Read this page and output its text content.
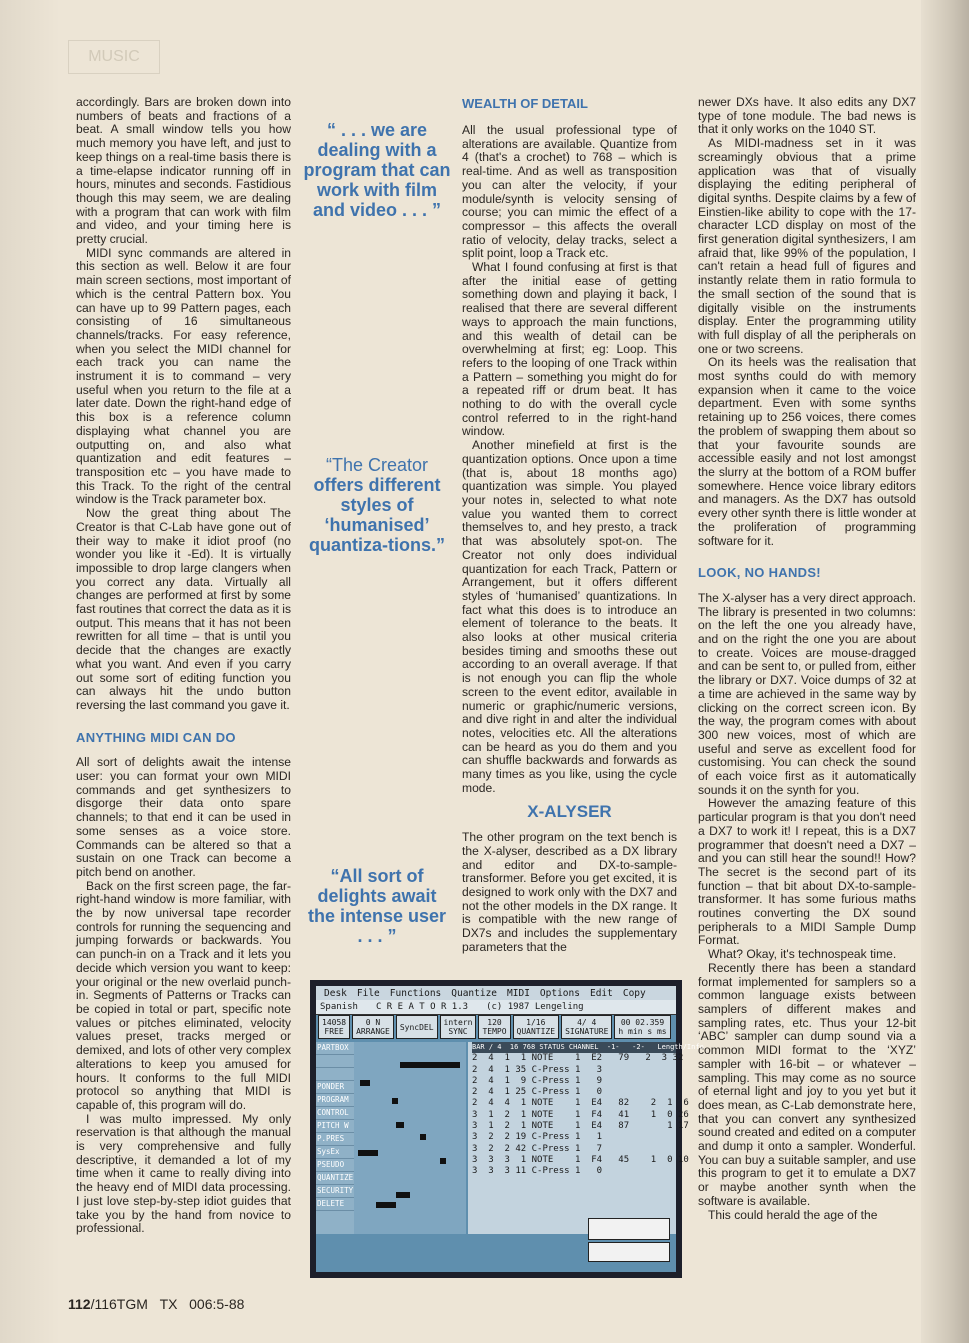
MUSIC

accordingly. Bars are broken down into numbers of beats and fractions of a beat. A small window tells you how much memory you have left, and just to keep things on a real-time basis there is a time-elapse indicator running off in hours, minutes and seconds. Fastidious though this may seem, we are dealing with a program that can work with film and video, and your timing here is pretty crucial.

MIDI sync commands are altered in this section as well. Below it are four main screen sections, most important of which is the central Pattern box. You can have up to 99 Pattern pages, each consisting of 16 simultaneous channels/tracks. For easy reference, when you select the MIDI channel for each track you can name the instrument it is to command – very useful when you return to the file at a later date. Down the right-hand edge of this box is a reference column displaying what channel you are outputting on, and also what quantization and edit features – transposition etc – you have made to this Track. To the right of the central window is the Track parameter box.

Now the great thing about The Creator is that C-Lab have gone out of their way to make it idiot proof (no wonder you like it -Ed). It is virtually impossible to drop large clangers when you correct any data. Virtually all changes are performed at first by some fast routines that correct the data as it is output. This means that it has not been rewritten for all time – that is until you decide that the changes are exactly what you want. And even if you carry out some sort of editing function you can always hit the undo button reversing the last command you gave it.

ANYTHING MIDI CAN DO

All sort of delights await the intense user: you can format your own MIDI commands and get synthesizers to disgorge their data onto spare channels; to that end it can be used in some senses as a voice store. Commands can be altered so that a sustain on one Track can become a pitch bend on another.

Back on the first screen page, the far-right-hand window is more familiar, with the by now universal tape recorder controls for running the sequencing and jumping forwards or backwards. You can punch-in on a Track and it lets you decide which version you want to keep: your original or the new overlaid punch-in. Segments of Patterns or Tracks can be copied in total or part, specific note values or pitches eliminated, velocity values preset, tracks merged or demixed, and lots of other very complex alterations to keep you amused for hours. It conforms to the full MIDI protocol so anything that MIDI is capable of, this program will do.

I was multo impressed. My only reservation is that although the manual is very comprehensive and fully descriptive, it demanded a lot of my time when it came to really diving into the heavy end of MIDI data processing. I just love step-by-step idiot guides that take you by the hand from novice to professional.

“ . . . we are dealing with a program that can work with film and video . . . ”
“The Creator offers different styles of ‘humanised’ quantiza-tions.”
“All sort of delights await the intense user . . . ”
WEALTH OF DETAIL

All the usual professional type of alterations are available. Quantize from 4 (that's a crochet) to 768 – which is real-time. And as well as transposition you can alter the velocity, if your module/synth is velocity sensing of course; you can mimic the effect of a compressor – this affects the overall ratio of velocity, delay tracks, select a split point, loop a Track etc.

What I found confusing at first is that after the initial ease of getting something down and playing it back, I realised that there are several different ways to approach the main functions, and this wealth of detail can be overwhelming at first; eg: Loop. This refers to the looping of one Track within a Pattern – something you might do for a repeated riff or drum beat. It has nothing to do with the overall cycle control referred to in the right-hand window.

Another minefield at first is the quantization options. Once upon a time (that is, about 18 months ago) quantization was simple. You played your notes in, selected to what note value you wanted them to correct themselves to, and hey presto, a track that was absolutely spot-on. The Creator not only does individual quantization for each Track, Pattern or Arrangement, but it offers different styles of ‘humanised’ quantizations. In fact what this does is to introduce an element of tolerance to the beats. It also looks at other musical criteria besides timing and smooths these out according to an overall average. If that is not enough you can flip the whole screen to the event editor, available in numeric or graphic/numeric versions, and dive right in and alter the individual notes, velocities etc. All the alterations can be heard as you do them and you can shuffle backwards and forwards as many times as you like, using the cycle mode.

X-ALYSER

The other program on the text bench is the X-alyser, described as a DX library and editor and DX-to-sample-transformer. Before you get excited, it is designed to work only with the DX7 and not the other models in the DX range. It is compatible with the new range of DX7s and includes the supplementary parameters that the

newer DXs have. It also edits any DX7 type of tone module. The bad news is that it only works on the 1040 ST.

As MIDI-madness set in it was screamingly obvious that a prime application was that of visually displaying the editing peripheral of digital synths. Despite claims by a few of Einstien-like ability to cope with the 17-character LCD display on most of the first generation digital synthesizers, I am afraid that, like 99% of the population, I can't retain a head full of figures and instantly relate them in ratio formula to the small section of the sound that is digitally visible on the instruments display. Enter the programming utility with full display of all the peripherals on one or two screens.

On its heels was the realisation that most synths could do with memory expansion when it came to the voice department. Even with some synths retaining up to 256 voices, there comes the problem of swapping them about so that your favourite sounds are accessible easily and not lost amongst the slurry at the bottom of a ROM buffer somewhere. Hence voice library editors and managers. As the DX7 has outsold every other synth there is little wonder at the proliferation of programming software for it.

LOOK, NO HANDS!

The X-alyser has a very direct approach. The library is presented in two columns: on the left the one you already have, and on the right the one you are about to create. Voices are mouse-dragged and can be sent to, or pulled from, either the library or DX7. Voice dumps of 32 at a time are achieved in the same way by clicking on the correct screen icon. By the way, the program comes with about 300 new voices, most of which are useful and serve as excellent food for customising. You can check the sound of each voice first as it automatically sounds it on the synth for you.

However the amazing feature of this particular program is that you don't need a DX7 to work it! I repeat, this is a DX7 programmer that doesn't need a DX7 – and you can still hear the sound!! How? The secret is the second part of its function – that bit about DX-to-sample-transformer. It has some furious maths routines converting the DX sound peripherals to a MIDI Sample Dump Format.

What? Okay, it's technospeak time.

Recently there has been a standard format implemented for samplers so a common language exists between samplers of different makes and sampling rates, etc. Thus your 12-bit ‘ABC’ sampler can dump sound via a common MIDI format to the ‘XYZ’ sampler with 16-bit – or whatever – sampling. This may come as no source of eternal light and joy to you yet but it does mean, as C-Lab demonstrate here, that you can convert any synthesized sound created and edited on a computer and dump it onto a sampler. Wonderful. You can buy a suitable sampler, and use this program to get it to emulate a DX7 or maybe another synth when the software is available.

This could herald the age of the

Desk File Functions Quantize MIDI Options Edit Copy
Spanish C R E A T O R 1.3 (c) 1987 Lengeling
14058
FREE
0 N
ARRANGE SyncDEL intern
SYNC
120
TEMPO
1/16
QUANTIZE
4/ 4
SIGNATURE
00 02.359
h min s ms
PARTBOX

PONDER
PROGRAM
CONTROL
PITCH W
P.PRES
SysEx
PSEUDO
QUANTIZE
SECURITY
DELETE
BAR / 4  16 768 STATUS CHANNEL  -1-   -2-   Length/Info
2  4  1  1 NOTE    1  E2   79   2  3 32
2  4  1 35 C-Press 1   3
2  4  1  9 C-Press 1   9
2  4  1 25 C-Press 1   0
2  4  4  1 NOTE    1  E4   82    2  1  6
3  1  2  1 NOTE    1  F4   41    1  0 26
3  1  2  1 NOTE    1  E4   87       1 17
3  2  2 19 C-Press 1   1
3  2  2 42 C-Press 1   7
3  3  3  1 NOTE    1  F4   45    1  0 10
3  3  3 11 C-Press 1   0
112/116TGM TX 006:5-88
